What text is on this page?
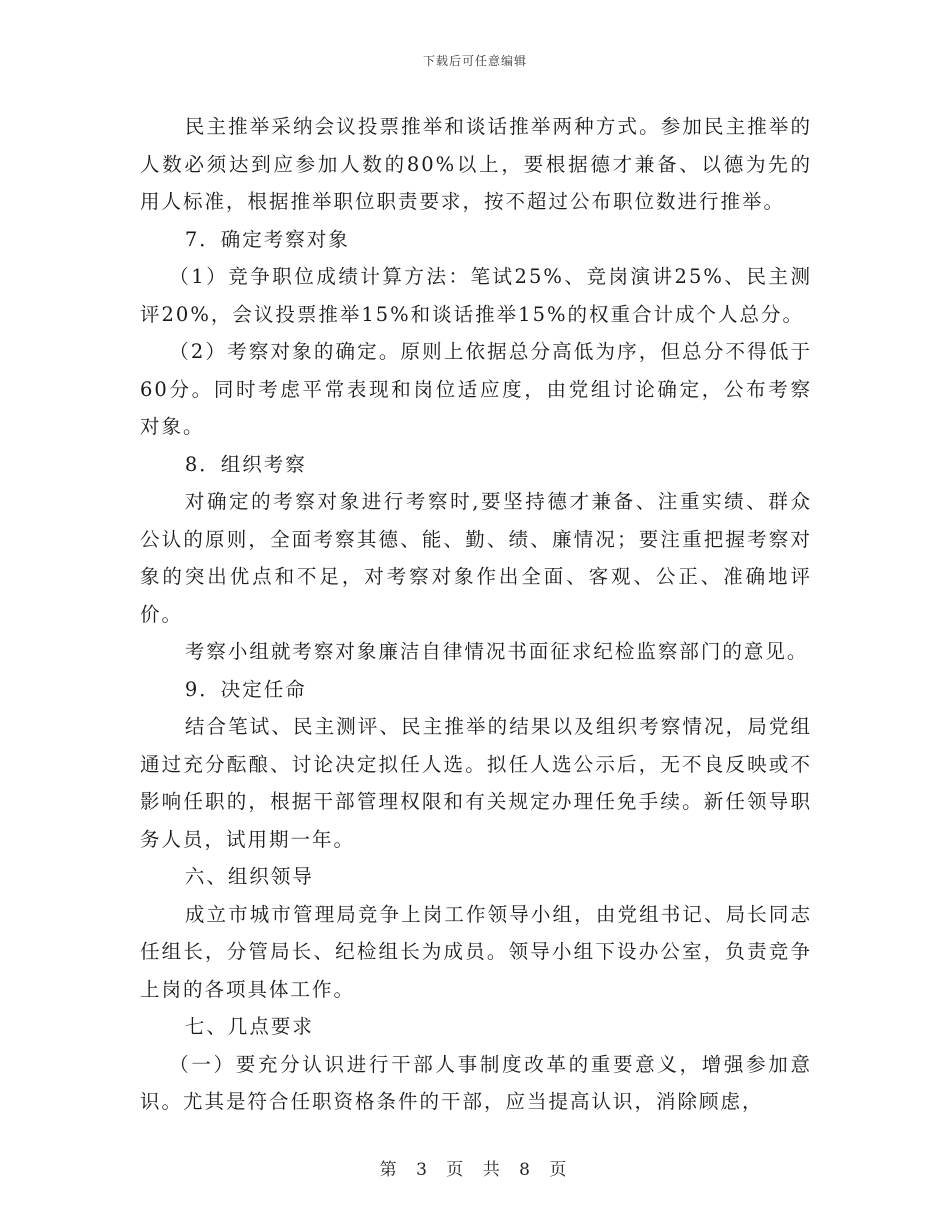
下载后可任意编辑

民主推举采纳会议投票推举和谈话推举两种方式。参加民主推举的人数必须达到应参加人数的80%以上，要根据德才兼备、以德为先的用人标准，根据推举职位职责要求，按不超过公布职位数进行推举。

7．确定考察对象

（1）竞争职位成绩计算方法：笔试25%、竞岗演讲25%、民主测评20%，会议投票推举15%和谈话推举15%的权重合计成个人总分。

（2）考察对象的确定。原则上依据总分高低为序，但总分不得低于60分。同时考虑平常表现和岗位适应度，由党组讨论确定，公布考察对象。

8．组织考察

对确定的考察对象进行考察时,要坚持德才兼备、注重实绩、群众公认的原则，全面考察其德、能、勤、绩、廉情况；要注重把握考察对象的突出优点和不足，对考察对象作出全面、客观、公正、准确地评价。

考察小组就考察对象廉洁自律情况书面征求纪检监察部门的意见。

9．决定任命

结合笔试、民主测评、民主推举的结果以及组织考察情况，局党组通过充分酝酿、讨论决定拟任人选。拟任人选公示后，无不良反映或不影响任职的，根据干部管理权限和有关规定办理任免手续。新任领导职务人员，试用期一年。

六、组织领导

成立市城市管理局竞争上岗工作领导小组，由党组书记、局长同志任组长，分管局长、纪检组长为成员。领导小组下设办公室，负责竞争上岗的各项具体工作。

七、几点要求

（一）要充分认识进行干部人事制度改革的重要意义，增强参加意识。尤其是符合任职资格条件的干部，应当提高认识，消除顾虑，

第 3 页 共 8 页
